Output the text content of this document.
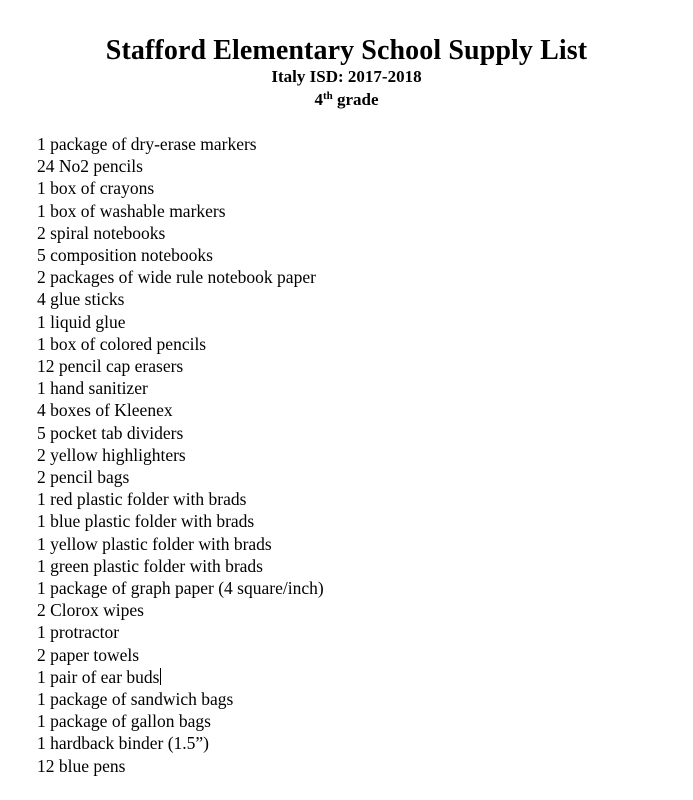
Stafford Elementary School Supply List
Italy ISD: 2017-2018
4th grade
1 package of dry-erase markers
24 No2 pencils
1 box of crayons
1 box of washable markers
2 spiral notebooks
5 composition notebooks
2 packages of wide rule notebook paper
4 glue sticks
1 liquid glue
1 box of colored pencils
12 pencil cap erasers
1 hand sanitizer
4 boxes of Kleenex
5 pocket tab dividers
2 yellow highlighters
2 pencil bags
1 red plastic folder with brads
1 blue plastic folder with brads
1 yellow plastic folder with brads
1 green plastic folder with brads
1 package of graph paper (4 square/inch)
2 Clorox wipes
1 protractor
2 paper towels
1 pair of ear buds
1 package of sandwich bags
1 package of gallon bags
1 hardback binder (1.5”)
12 blue pens
